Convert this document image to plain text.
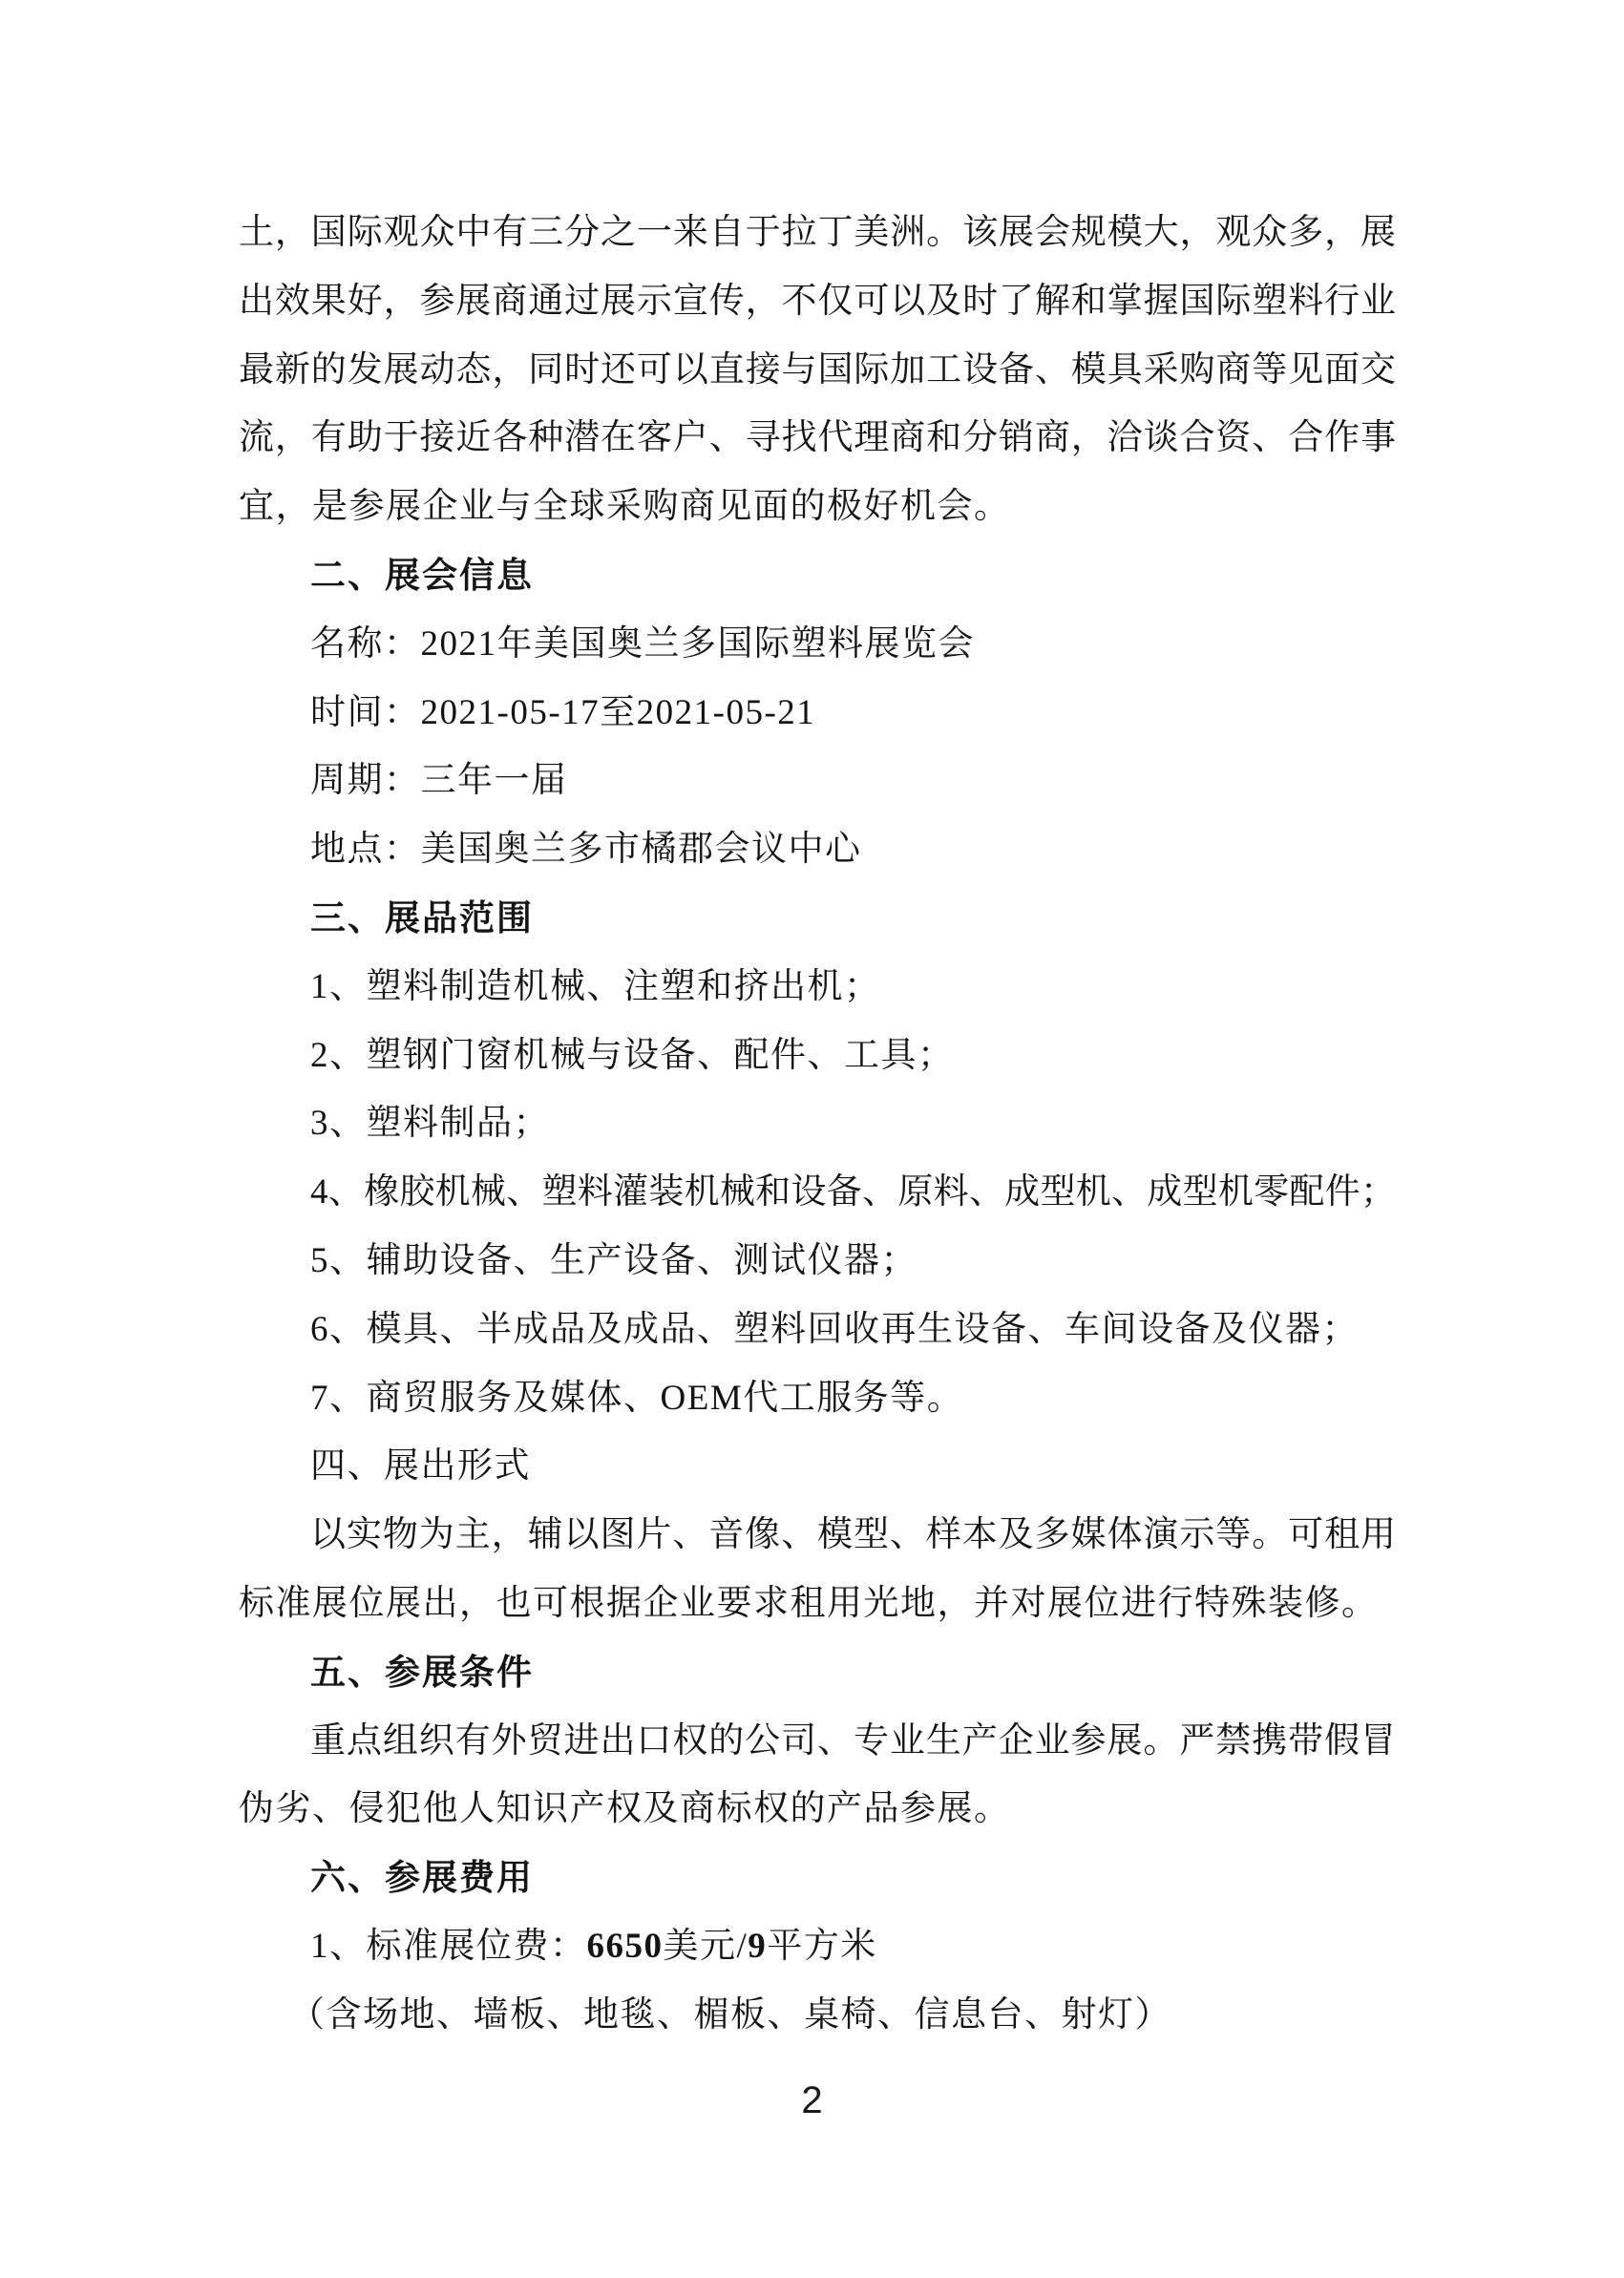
土，国际观众中有三分之一来自于拉丁美洲。该展会规模大，观众多，展
出效果好，参展商通过展示宣传，不仅可以及时了解和掌握国际塑料行业
最新的发展动态，同时还可以直接与国际加工设备、模具采购商等见面交
流，有助于接近各种潜在客户、寻找代理商和分销商，洽谈合资、合作事
宜，是参展企业与全球采购商见面的极好机会。
二、展会信息
名称：2021年美国奥兰多国际塑料展览会
时间：2021-05-17至2021-05-21
周期：三年一届
地点：美国奥兰多市橘郡会议中心
三、展品范围
1、塑料制造机械、注塑和挤出机；
2、塑钢门窗机械与设备、配件、工具；
3、塑料制品；
4、橡胶机械、塑料灌装机械和设备、原料、成型机、成型机零配件；
5、辅助设备、生产设备、测试仪器；
6、模具、半成品及成品、塑料回收再生设备、车间设备及仪器；
7、商贸服务及媒体、OEM代工服务等。
四、展出形式
以实物为主，辅以图片、音像、模型、样本及多媒体演示等。可租用
标准展位展出，也可根据企业要求租用光地，并对展位进行特殊装修。
五、参展条件
重点组织有外贸进出口权的公司、专业生产企业参展。严禁携带假冒
伪劣、侵犯他人知识产权及商标权的产品参展。
六、参展费用
1、标准展位费：6650美元/9平方米
（含场地、墙板、地毯、楣板、桌椅、信息台、射灯）
2
